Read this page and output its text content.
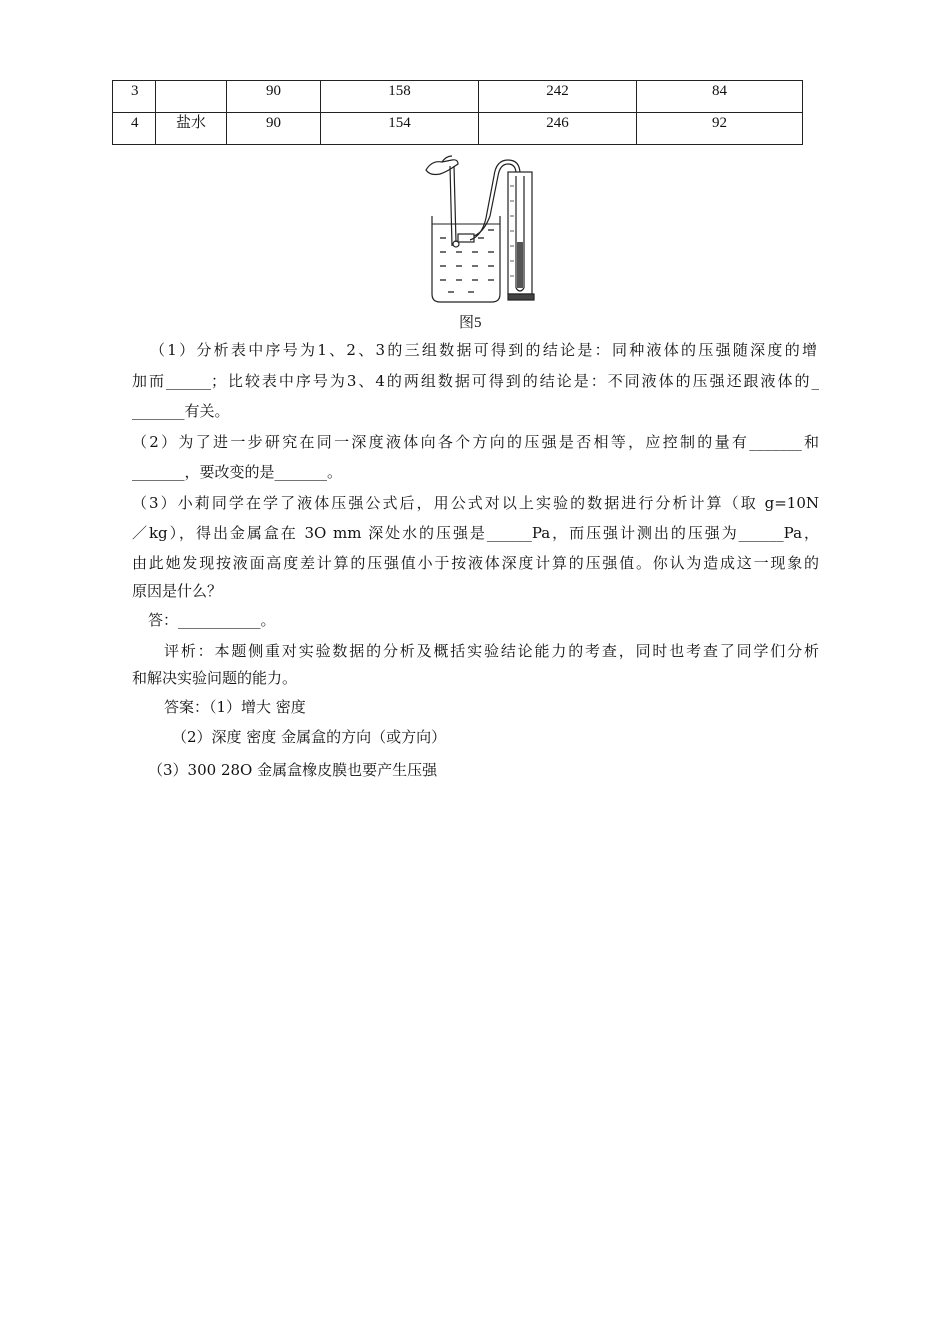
3		90	158	242	84
4	盐水	90	154	246	92
图5
（1）分析表中序号为1、2、3的三组数据可得到的结论是：同种液体的压强随深度的增
加而______；比较表中序号为3、4的两组数据可得到的结论是：不同液体的压强还跟液体的_
_______有关。
（2）为了进一步研究在同一深度液体向各个方向的压强是否相等，应控制的量有_______和
_______，要改变的是_______。
（3）小莉同学在学了液体压强公式后，用公式对以上实验的数据进行分析计算（取 g=10N
／kg），得出金属盒在 3O mm 深处水的压强是______Pa，而压强计测出的压强为______Pa，
由此她发现按液面高度差计算的压强值小于按液体深度计算的压强值。你认为造成这一现象的
原因是什么？
答：___________。
评析：本题侧重对实验数据的分析及概括实验结论能力的考查，同时也考查了同学们分析
和解决实验问题的能力。
答案：（1）增大 密度
（2）深度 密度 金属盒的方向（或方向）
（3）300 28O 金属盒橡皮膜也要产生压强
